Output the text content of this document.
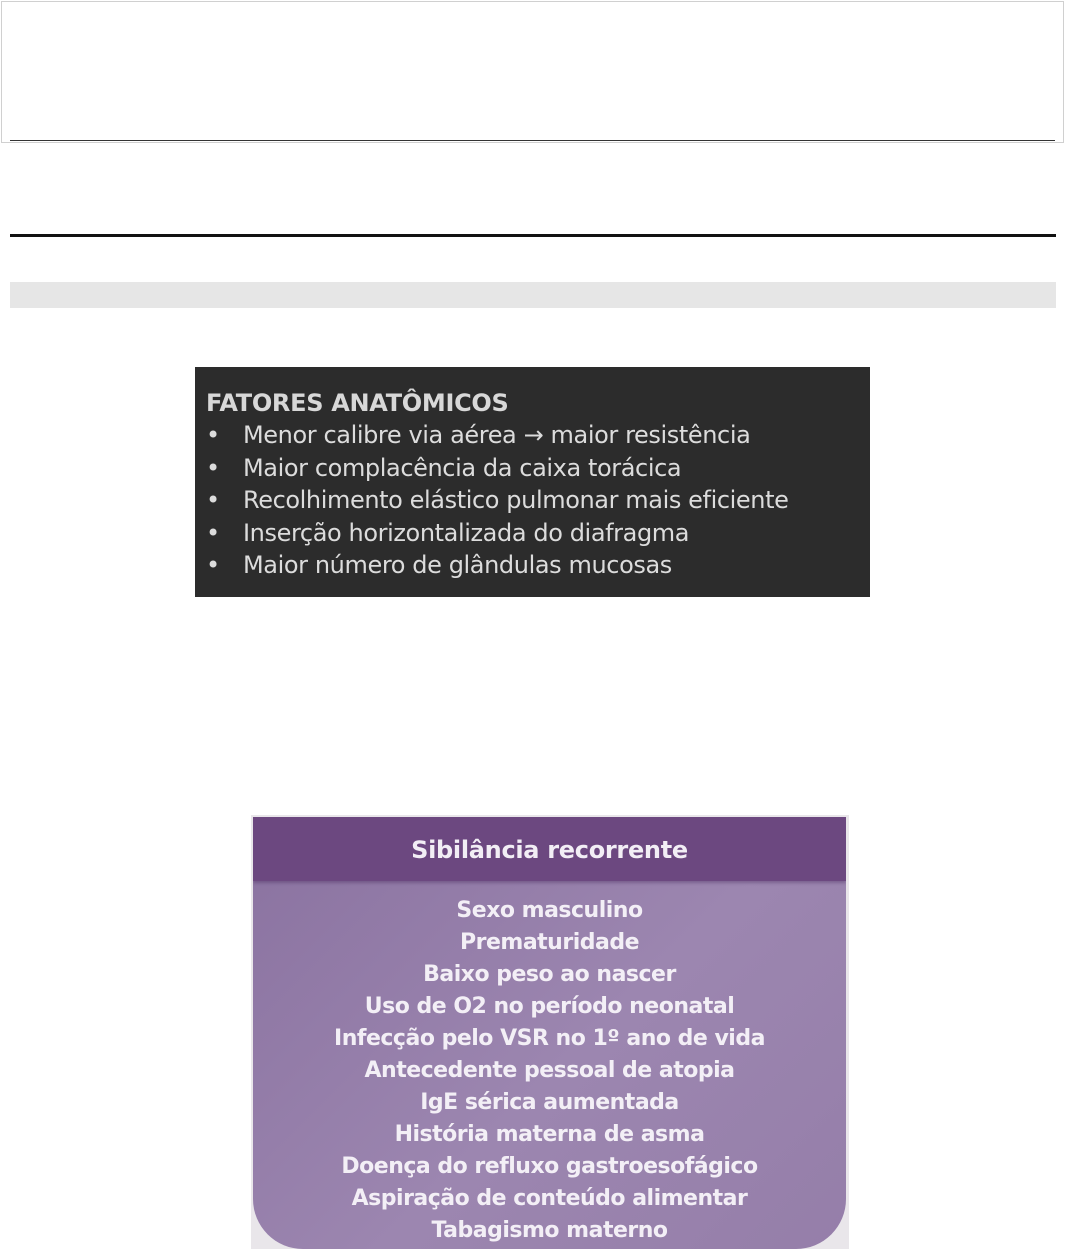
FATORES ANATÔMICOS
• Menor calibre via aérea → maior resistência
• Maior complacência da caixa torácica
• Recolhimento elástico pulmonar mais eficiente
• Inserção horizontalizada do diafragma
• Maior número de glândulas mucosas
Sibilância recorrente
Sexo masculino
Prematuridade
Baixo peso ao nascer
Uso de O2 no período neonatal
Infecção pelo VSR no 1º ano de vida
Antecedente pessoal de atopia
IgE sérica aumentada
História materna de asma
Doença do refluxo gastroesofágico
Aspiração de conteúdo alimentar
Tabagismo materno
